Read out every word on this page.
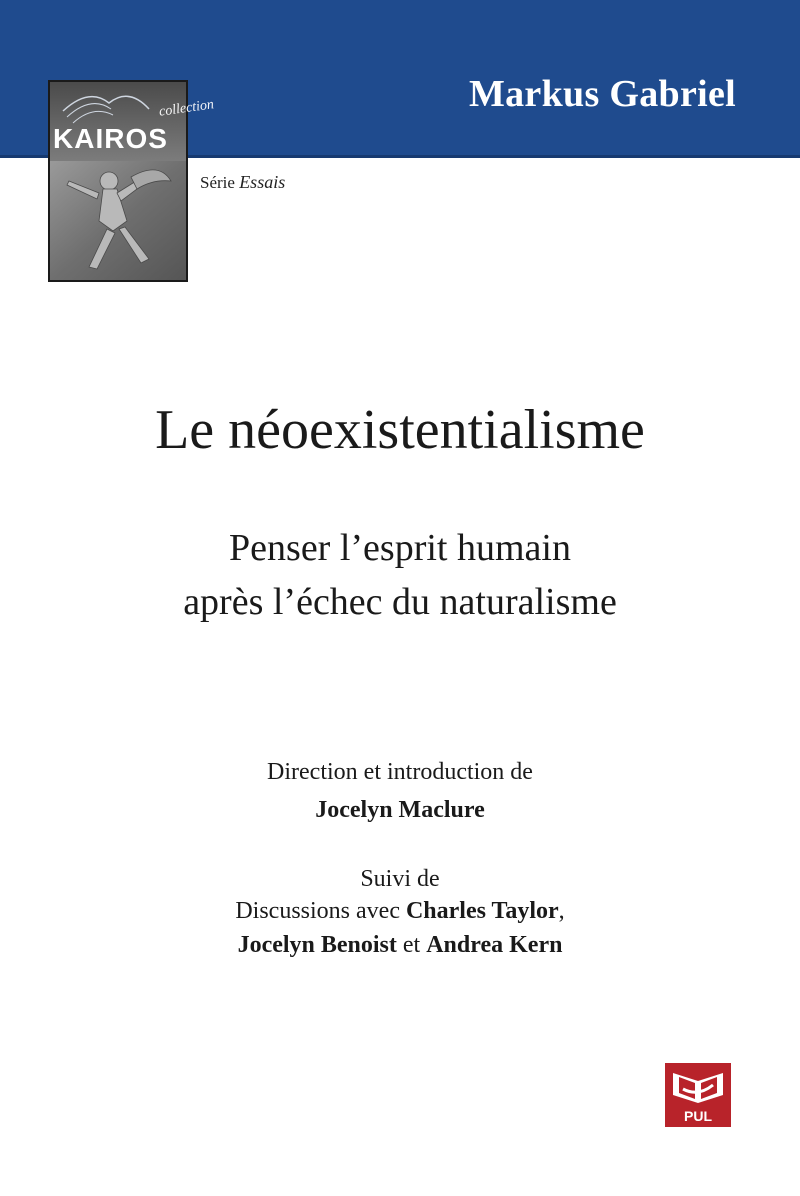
Markus Gabriel
collection
KAIROS
Série Essais
Le néoexistentialisme
Penser l’esprit humain
après l’échec du naturalisme
Direction et introduction de
Jocelyn Maclure
Suivi de
Discussions avec Charles Taylor,
Jocelyn Benoist et Andrea Kern
PUL
